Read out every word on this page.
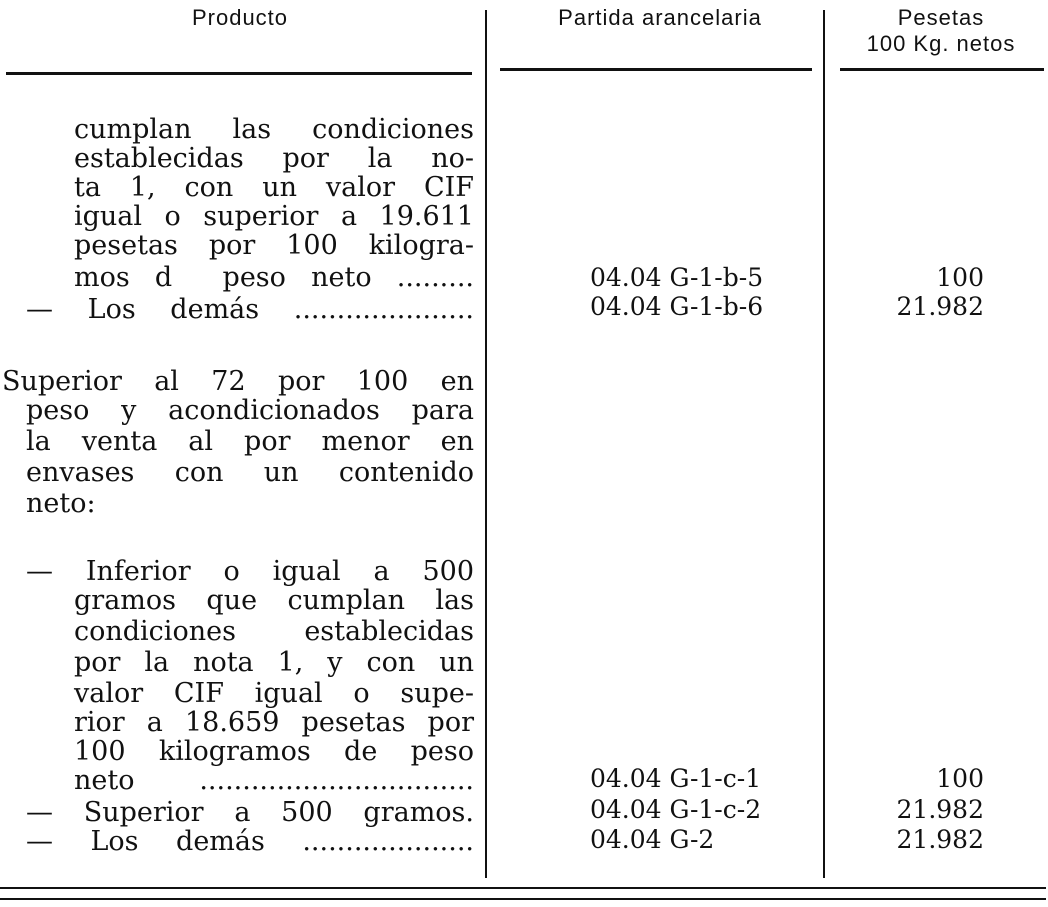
Producto	Partida arancelaria	Pesetas
100 Kg. netos
cumplan las condiciones
establecidas por la no-
ta 1, con un valor CIF
igual o superior a 19.611
pesetas por 100 kilogra-
mos d  peso neto .........	04.04 G-1-b-5	100
— Los demás .....................	04.04 G-1-b-6	21.982
Superior al 72 por 100 en
peso y acondicionados para
la venta al por menor en
envases con un contenido
neto:
— Inferior o igual a 500
gramos que cumplan las
condiciones establecidas
por la nota 1, y con un
valor CIF igual o supe-
rior a 18.659 pesetas por
100 kilogramos de peso
neto ................................	04.04 G-1-c-1	100
— Superior a 500 gramos.	04.04 G-1-c-2	21.982
— Los demás ....................	04.04 G-2	21.982
